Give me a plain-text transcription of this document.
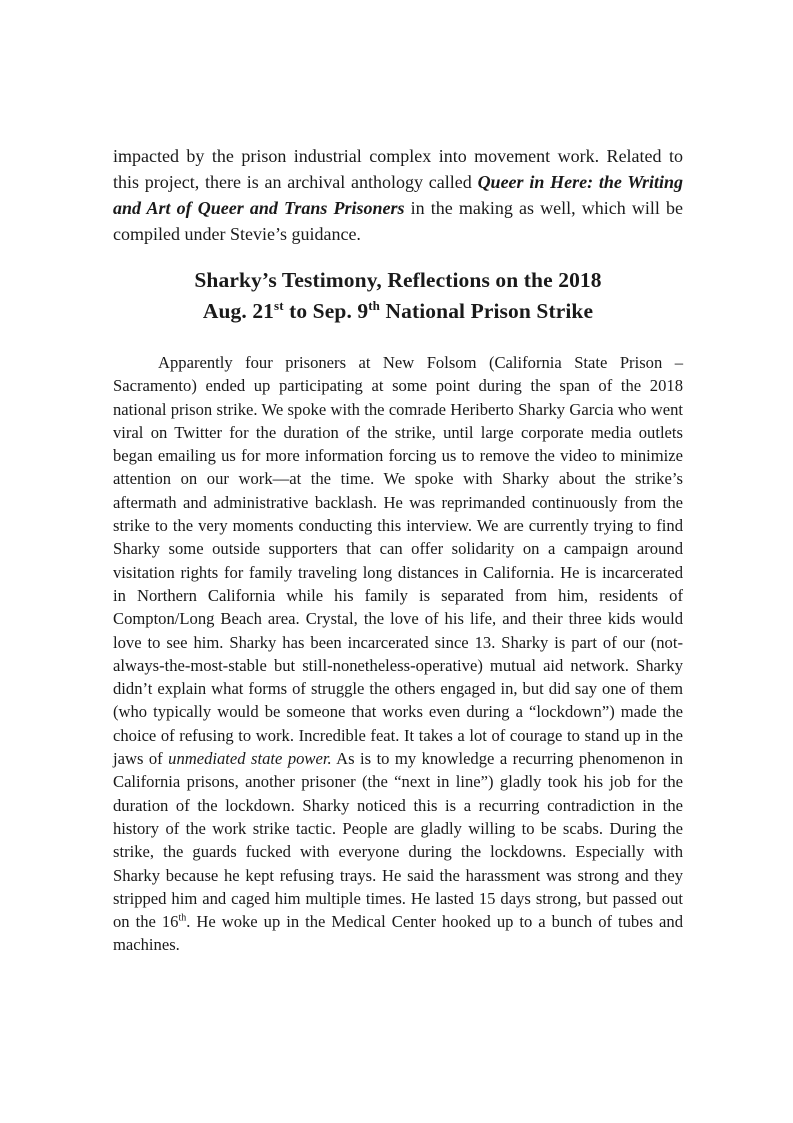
impacted by the prison industrial complex into movement work. Related to this project, there is an archival anthology called Queer in Here: the Writing and Art of Queer and Trans Prisoners in the making as well, which will be compiled under Stevie’s guidance.

Sharky’s Testimony, Reflections on the 2018
Aug. 21st to Sep. 9th National Prison Strike

Apparently four prisoners at New Folsom (California State Prison – Sacramento) ended up participating at some point during the span of the 2018 national prison strike. We spoke with the comrade Heriberto Sharky Garcia who went viral on Twitter for the duration of the strike, until large corporate media outlets began emailing us for more information forcing us to remove the video to minimize attention on our work—at the time. We spoke with Sharky about the strike’s aftermath and administrative backlash. He was reprimanded continuously from the strike to the very moments conducting this interview. We are currently trying to find Sharky some outside supporters that can offer solidarity on a campaign around visitation rights for family traveling long distances in California. He is incarcerated in Northern California while his family is separated from him, residents of Compton/Long Beach area. Crystal, the love of his life, and their three kids would love to see him. Sharky has been incarcerated since 13. Sharky is part of our (not-always-the-most-stable but still-nonetheless-operative) mutual aid network. Sharky didn’t explain what forms of struggle the others engaged in, but did say one of them (who typically would be someone that works even during a “lockdown”) made the choice of refusing to work. Incredible feat. It takes a lot of courage to stand up in the jaws of unmediated state power. As is to my knowledge a recurring phenomenon in California prisons, another prisoner (the “next in line”) gladly took his job for the duration of the lockdown. Sharky noticed this is a recurring contradiction in the history of the work strike tactic. People are gladly willing to be scabs. During the strike, the guards fucked with everyone during the lockdowns. Especially with Sharky because he kept refusing trays. He said the harassment was strong and they stripped him and caged him multiple times. He lasted 15 days strong, but passed out on the 16th. He woke up in the Medical Center hooked up to a bunch of tubes and machines.
